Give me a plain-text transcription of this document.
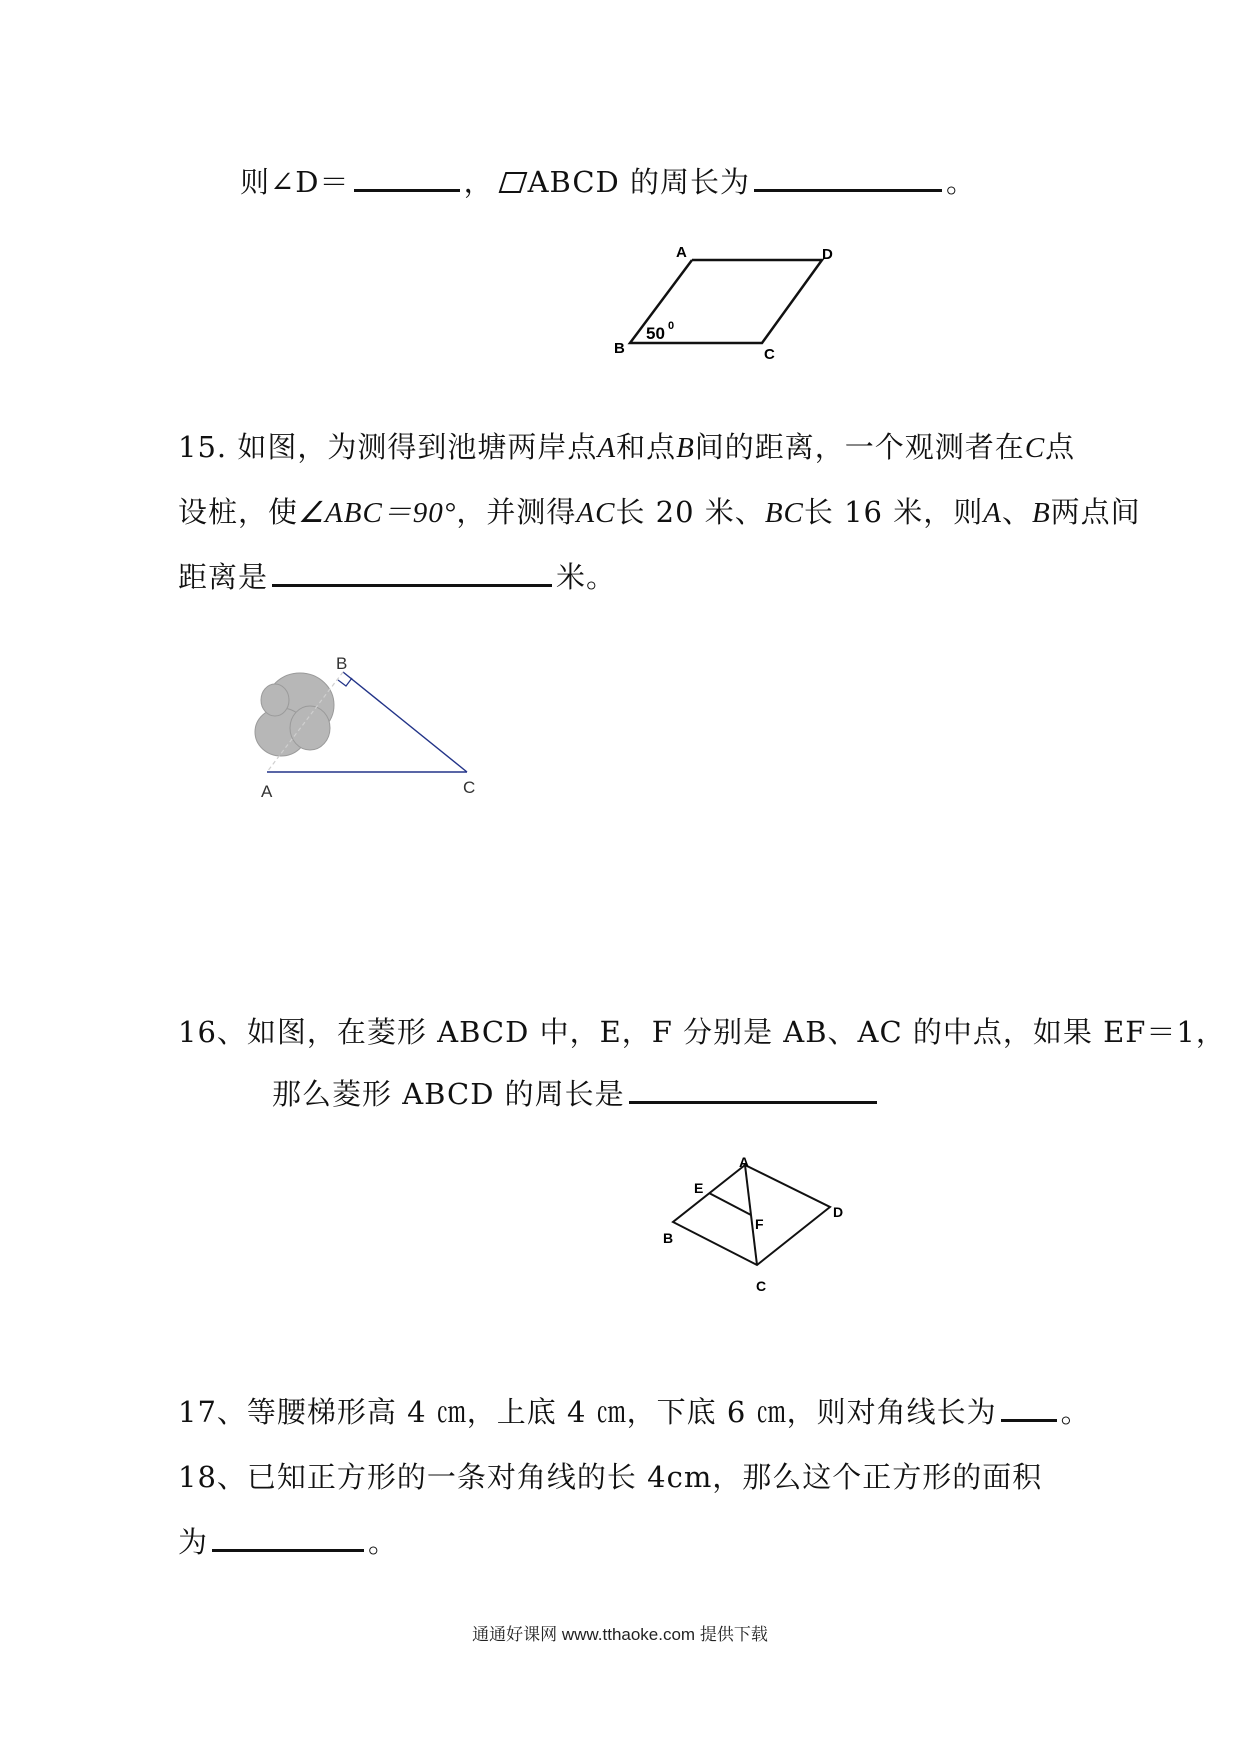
则∠D＝	， ABCD 的周长为	。
A	D
B	C
50 0
15. 如图，为测得到池塘两岸点A和点B间的距离，一个观测者在C点
设桩，使∠ABC＝90°，并测得AC长 20 米、BC长 16 米，则A、B两点间
距离是	米。
B
A	C
16、如图，在菱形 ABCD 中，E，F 分别是 AB、AC 的中点，如果 EF＝1，
那么菱形 ABCD 的周长是
A
D
B
C
E
F
17、等腰梯形高 4 ㎝，上底 4 ㎝，下底 6 ㎝，则对角线长为 。
18、已知正方形的一条对角线的长 4cm，那么这个正方形的面积
为	。
通通好课网 www.tthaoke.com 提供下载
